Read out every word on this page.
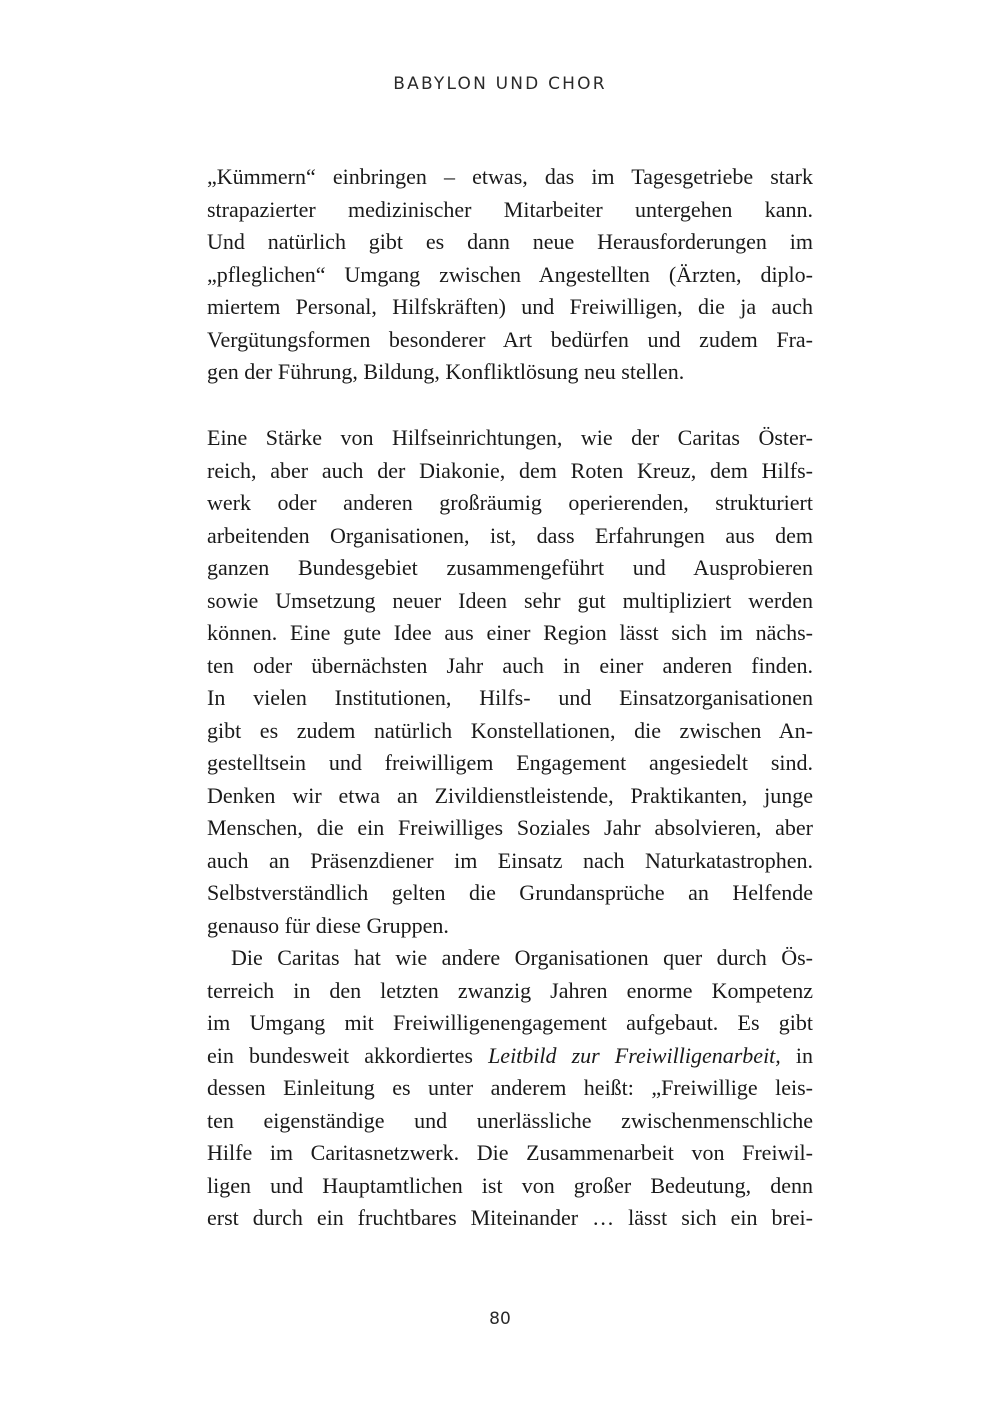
BABYLON UND CHOR
„Kümmern“ einbringen – etwas, das im Tagesgetriebe stark
strapazierter medizinischer Mitarbeiter untergehen kann.
Und natürlich gibt es dann neue Herausforderungen im
„pfleglichen“ Umgang zwischen Angestellten (Ärzten, diplo-
miertem Personal, Hilfskräften) und Freiwilligen, die ja auch
Vergütungsformen besonderer Art bedürfen und zudem Fra-
gen der Führung, Bildung, Konfliktlösung neu stellen.
Eine Stärke von Hilfseinrichtungen, wie der Caritas Öster-
reich, aber auch der Diakonie, dem Roten Kreuz, dem Hilfs-
werk oder anderen großräumig operierenden, strukturiert
arbeitenden Organisationen, ist, dass Erfahrungen aus dem
ganzen Bundesgebiet zusammengeführt und Ausprobieren
sowie Umsetzung neuer Ideen sehr gut multipliziert werden
können. Eine gute Idee aus einer Region lässt sich im nächs-
ten oder übernächsten Jahr auch in einer anderen finden.
In vielen Institutionen, Hilfs- und Einsatzorganisationen
gibt es zudem natürlich Konstellationen, die zwischen An-
gestelltsein und freiwilligem Engagement angesiedelt sind.
Denken wir etwa an Zivildienstleistende, Praktikanten, junge
Menschen, die ein Freiwilliges Soziales Jahr absolvieren, aber
auch an Präsenzdiener im Einsatz nach Naturkatastrophen.
Selbstverständlich gelten die Grundansprüche an Helfende
genauso für diese Gruppen.
Die Caritas hat wie andere Organisationen quer durch Ös-
terreich in den letzten zwanzig Jahren enorme Kompetenz
im Umgang mit Freiwilligenengagement aufgebaut. Es gibt
ein bundesweit akkordiertes Leitbild zur Freiwilligenarbeit, in
dessen Einleitung es unter anderem heißt: „Freiwillige leis-
ten eigenständige und unerlässliche zwischenmenschliche
Hilfe im Caritasnetzwerk. Die Zusammenarbeit von Freiwil-
ligen und Hauptamtlichen ist von großer Bedeutung, denn
erst durch ein fruchtbares Miteinander … lässt sich ein brei-
80
